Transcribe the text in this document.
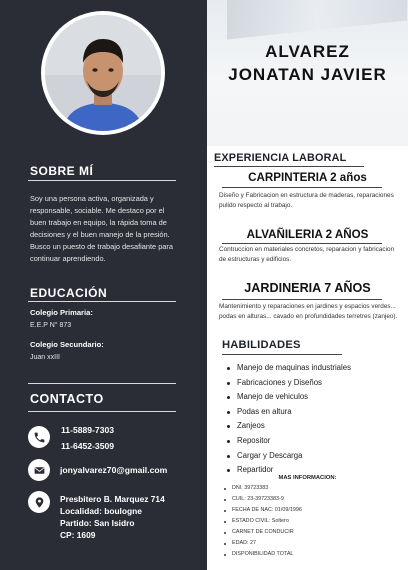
SOBRE MÍ
Soy una persona activa, organizada y responsable, sociable. Me destaco por el buen trabajo en equipo, la rápida toma de decisiones y el buen manejo de la presión. Busco un puesto de trabajo desafiante para continuar aprendiendo.
EDUCACIÓN
Colegio Primaria:
E.E.P N° 873
Colegio Secundario:
Juan xxIII
CONTACTO
11-5889-7303
11-6452-3509
jonyalvarez70@gmail.com
Presbitero B. Marquez 714
Localidad: boulogne
Partido: San Isidro
CP: 1609
ALVAREZ
JONATAN JAVIER
EXPERIENCIA LABORAL
CARPINTERIA 2 años
Diseño y Fabricacion en estructura de maderas, reparaciones pulido respecto al trabajo.
ALVAÑILERIA 2 AÑOS
Contruccion en materiales concretos, reparacion y fabricacion de estructuras y edificios.
JARDINERIA 7 AÑOS
Mantenimiento y reparaciones en jardines y espacios verdes... podas en alturas... cavado en profundidades terretres (zanjeo).
HABILIDADES
Manejo de maquinas industriales
Fabricaciones y Diseños
Manejo de vehiculos
Podas en altura
Zanjeos
Repositor
Cargar y Descarga
Repartidor
MAS INFORMACION:
DNI: 39723383
CUIL: 23-39723383-9
FECHA DE NAC: 01/09/1996
ESTADO CIVIL: Soltero
CARNET DE CONDUCIR
EDAD: 27
DISPONIBILIDAD TOTAL
